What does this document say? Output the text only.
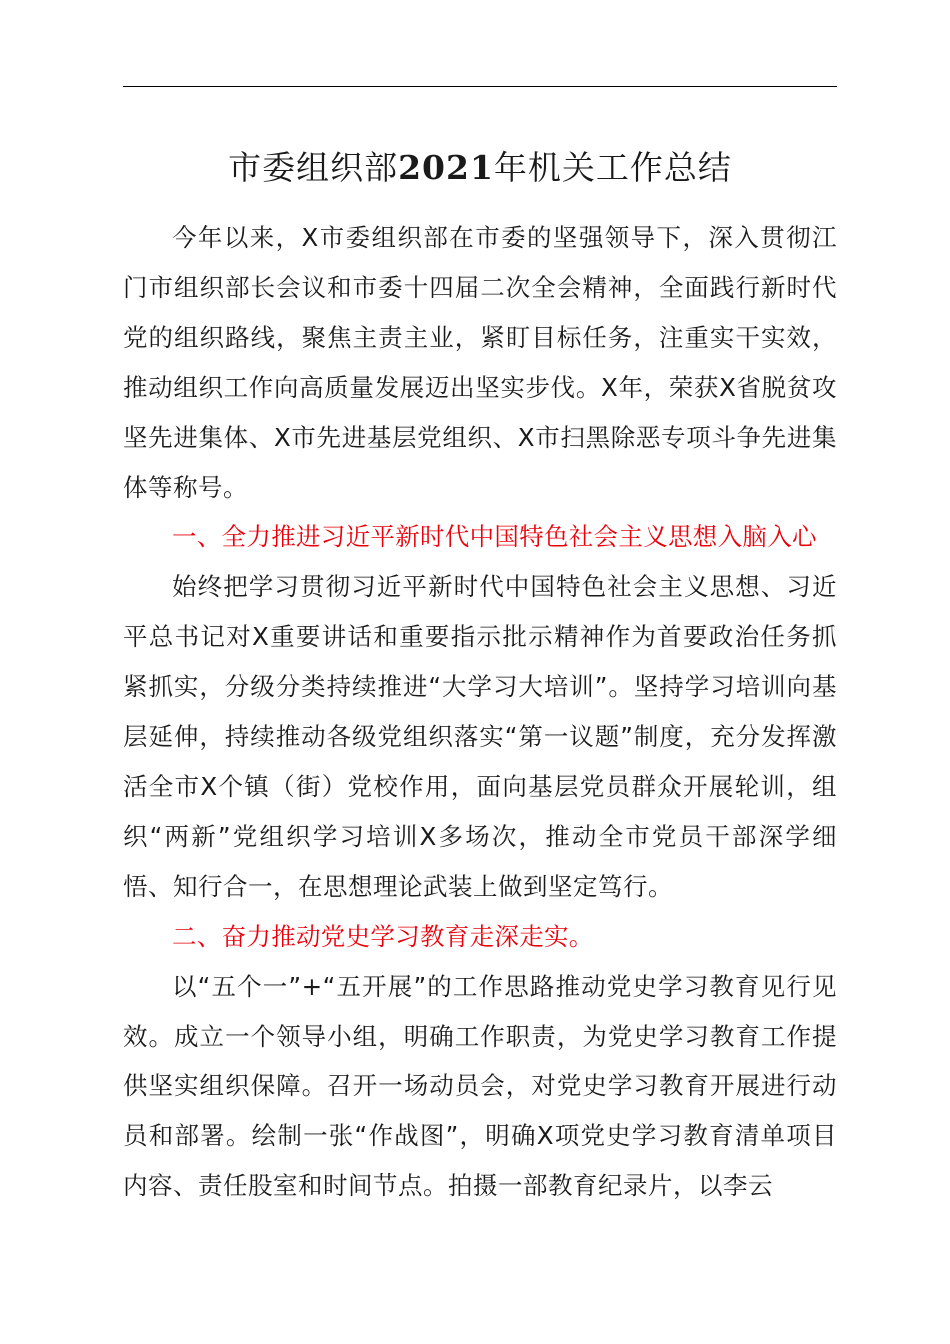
市委组织部2021年机关工作总结

今年以来，X市委组织部在市委的坚强领导下，深入贯彻江门市组织部长会议和市委十四届二次全会精神，全面践行新时代党的组织路线，聚焦主责主业，紧盯目标任务，注重实干实效，推动组织工作向高质量发展迈出坚实步伐。X年，荣获X省脱贫攻坚先进集体、X市先进基层党组织、X市扫黑除恶专项斗争先进集体等称号。

一、全力推进习近平新时代中国特色社会主义思想入脑入心

始终把学习贯彻习近平新时代中国特色社会主义思想、习近平总书记对X重要讲话和重要指示批示精神作为首要政治任务抓紧抓实，分级分类持续推进“大学习大培训”。坚持学习培训向基层延伸，持续推动各级党组织落实“第一议题”制度，充分发挥激活全市X个镇（街）党校作用，面向基层党员群众开展轮训，组织“两新”党组织学习培训X多场次，推动全市党员干部深学细悟、知行合一，在思想理论武装上做到坚定笃行。

二、奋力推动党史学习教育走深走实。

以“五个一”+“五开展”的工作思路推动党史学习教育见行见效。成立一个领导小组，明确工作职责，为党史学习教育工作提供坚实组织保障。召开一场动员会，对党史学习教育开展进行动员和部署。绘制一张“作战图”，明确X项党史学习教育清单项目内容、责任股室和时间节点。拍摄一部教育纪录片，以李云
